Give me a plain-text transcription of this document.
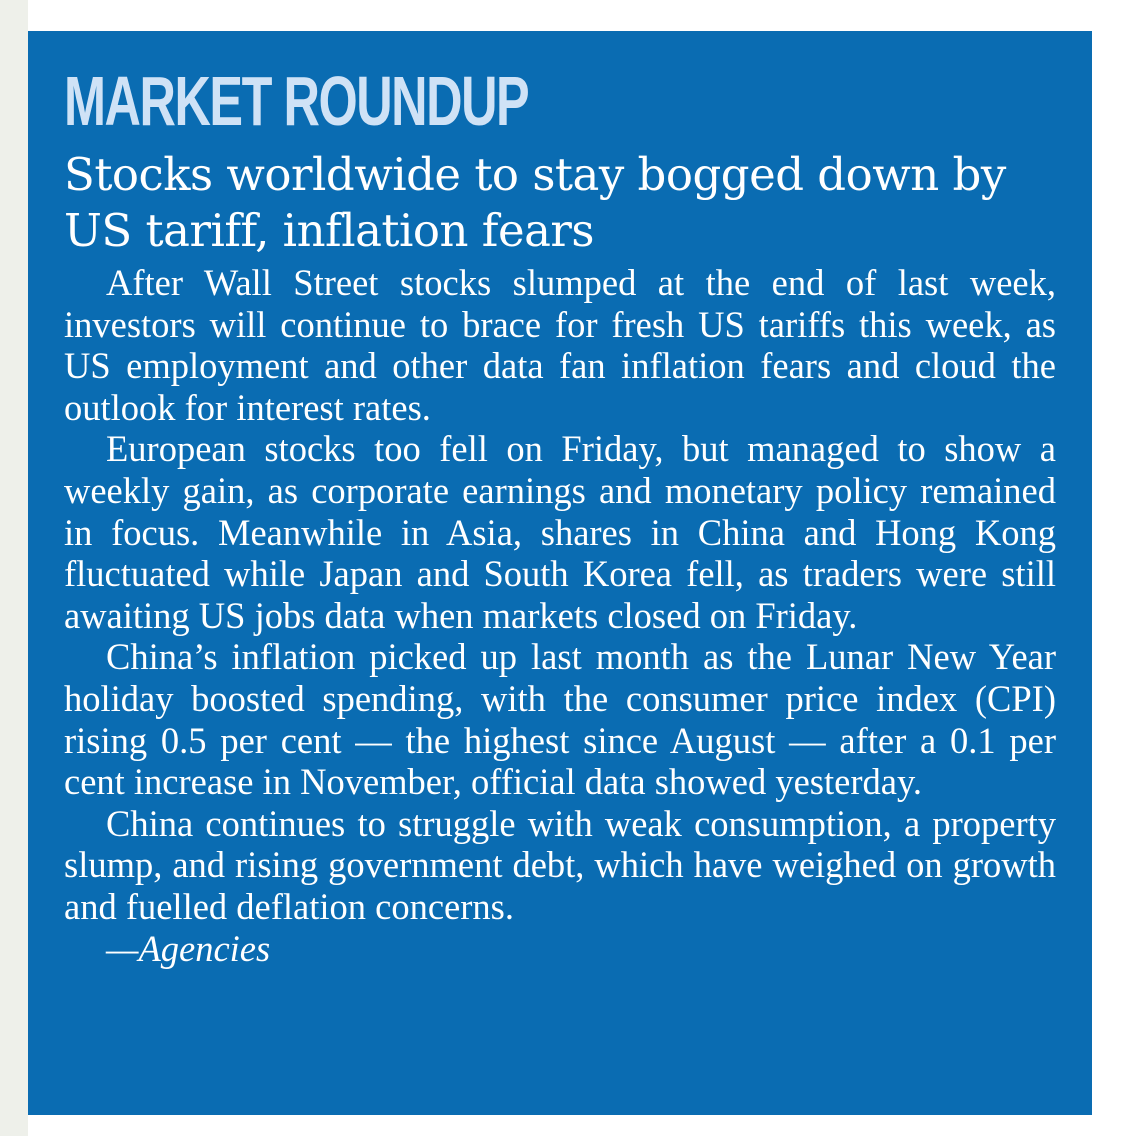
MARKET ROUNDUP
Stocks worldwide to stay bogged down by US tariff, inflation fears

After Wall Street stocks slumped at the end of last week, investors will continue to brace for fresh US tariffs this week, as US employment and other data fan inflation fears and cloud the outlook for interest rates.

European stocks too fell on Friday, but managed to show a weekly gain, as corporate earnings and monetary policy remained in focus. Meanwhile in Asia, shares in China and Hong Kong fluctuated while Japan and South Korea fell, as traders were still awaiting US jobs data when markets closed on Friday.

China’s inflation picked up last month as the Lunar New Year holiday boosted spending, with the consumer price index (CPI) rising 0.5 per cent — the highest since August — after a 0.1 per cent increase in November, official data showed yesterday.

China continues to struggle with weak consumption, a property slump, and rising government debt, which have weighed on growth and fuelled deflation concerns.

—Agencies
